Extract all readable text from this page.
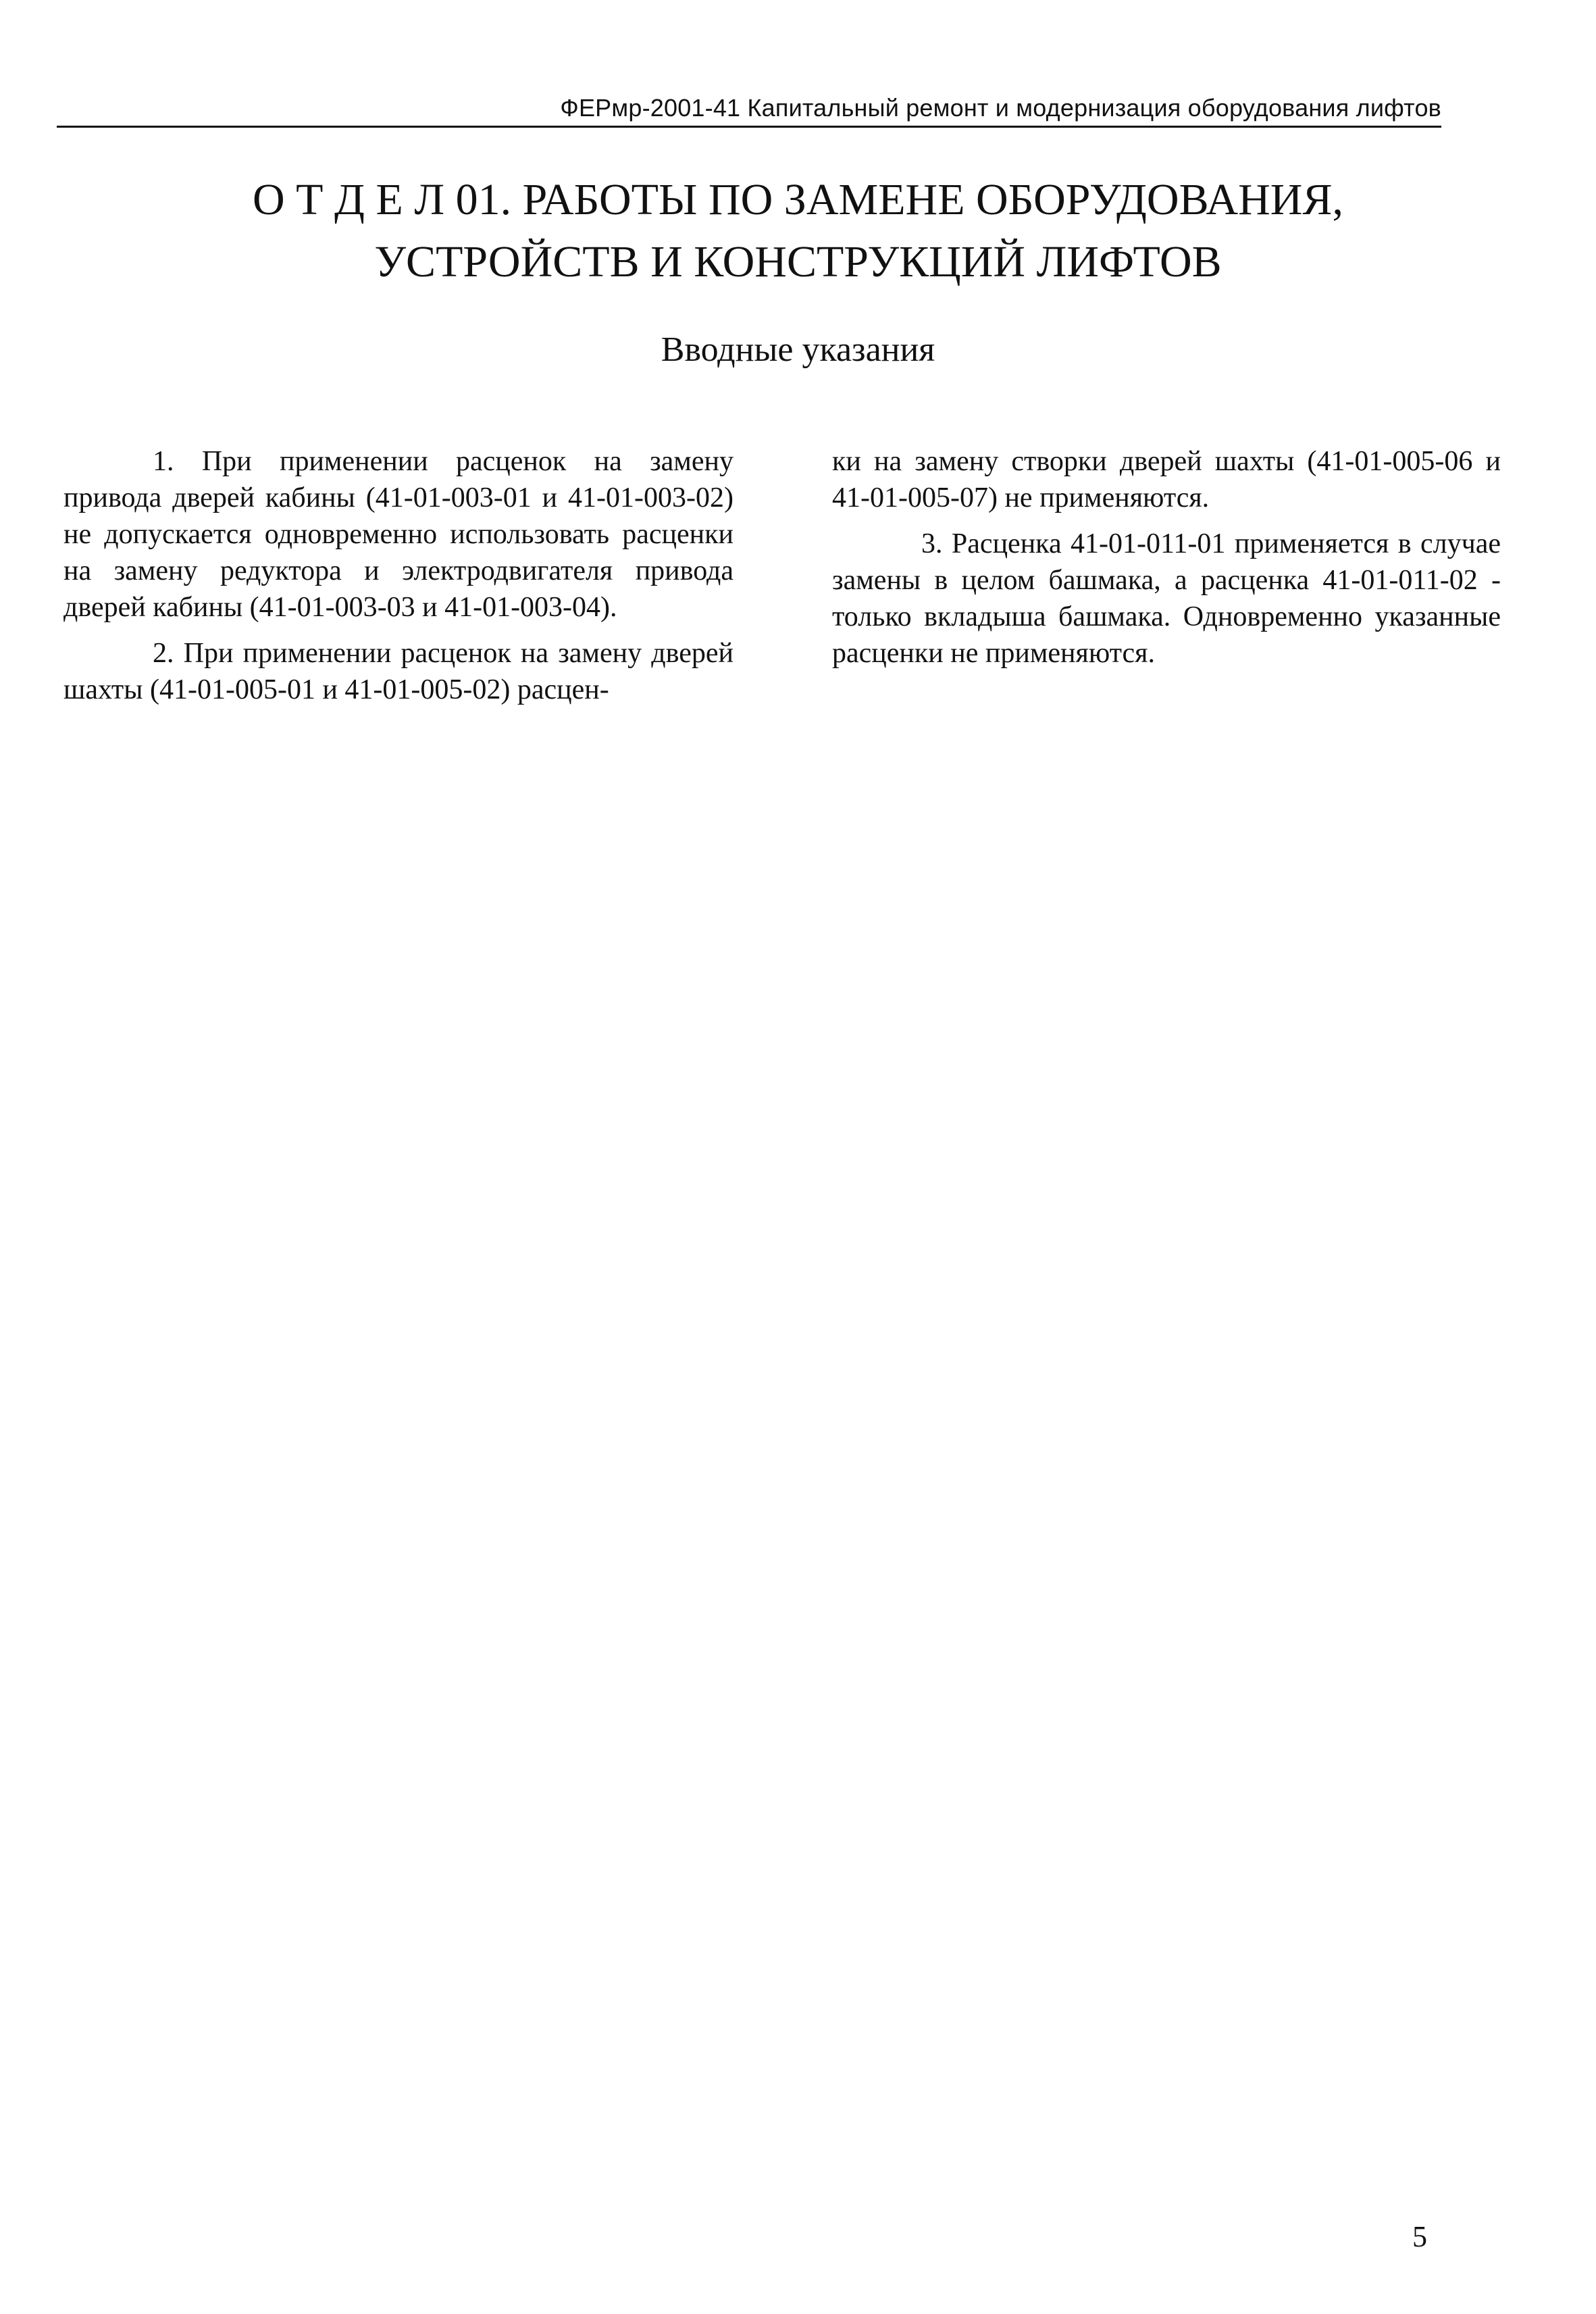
ФЕРмр-2001-41 Капитальный ремонт и модернизация оборудования лифтов
О Т Д Е Л 01. РАБОТЫ ПО ЗАМЕНЕ ОБОРУДОВАНИЯ,
УСТРОЙСТВ И КОНСТРУКЦИЙ ЛИФТОВ
Вводные указания

1. При применении расценок на замену привода дверей кабины (41-01-003-01 и 41-01-003-02) не допускается одновременно использовать расценки на замену редуктора и электродвигателя привода дверей кабины (41-01-003-03 и 41-01-003-04).

2. При применении расценок на замену дверей шахты (41-01-005-01 и 41-01-005-02) расцен-

ки на замену створки дверей шахты (41-01-005-06 и 41-01-005-07) не применяются.

3. Расценка 41-01-011-01 применяется в случае замены в целом башмака, а расценка 41-01-011-02 - только вкладыша башмака. Одновременно указанные расценки не применяются.

5
